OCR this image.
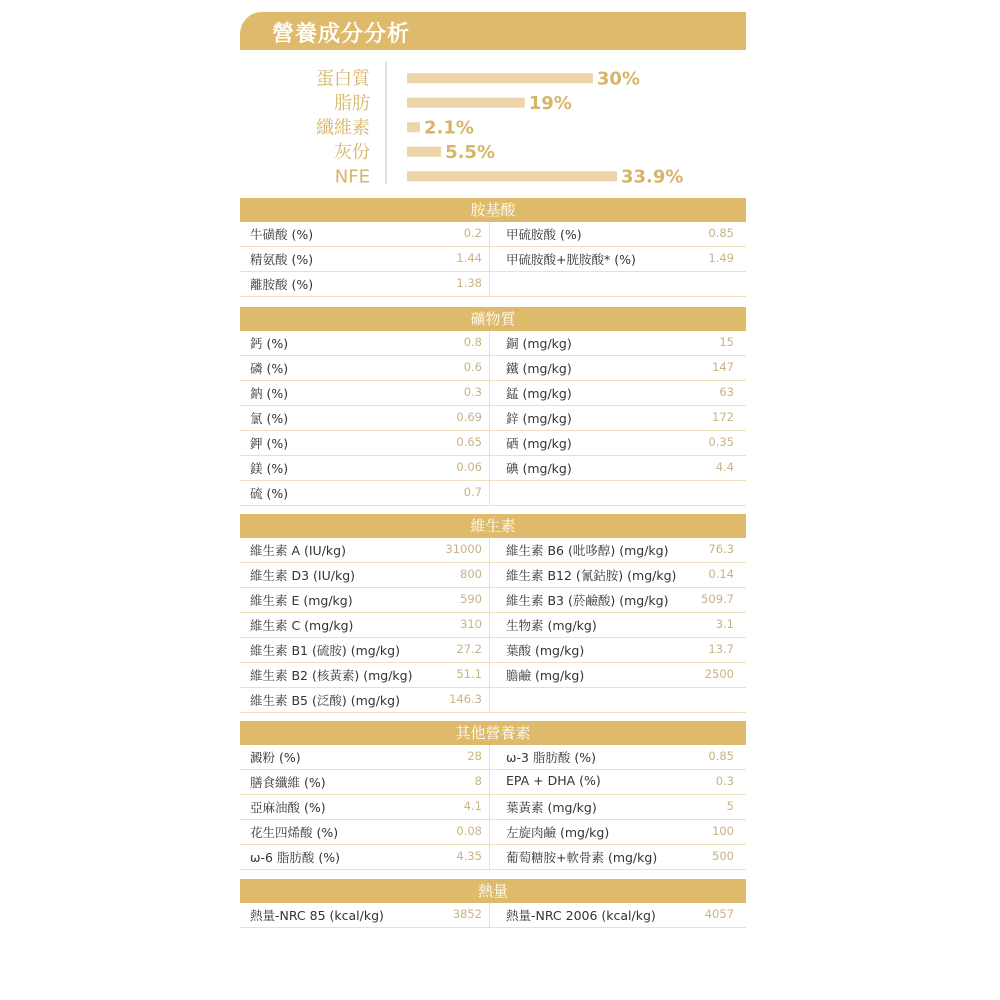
營養成分分析
蛋白質	30%
脂肪	19%
纖維素	2.1%
灰份	5.5%
NFE	33.9%
胺基酸
牛磺酸 (%)	0.2 甲硫胺酸 (%)	0.85
精氨酸 (%)	1.44 甲硫胺酸+胱胺酸* (%)	1.49
離胺酸 (%)	1.38
礦物質
鈣 (%)	0.8 銅 (mg/kg)	15
磷 (%)	0.6 鐵 (mg/kg)	147
鈉 (%)	0.3 錳 (mg/kg)	63
氯 (%)	0.69 鋅 (mg/kg)	172
鉀 (%)	0.65 硒 (mg/kg)	0.35
鎂 (%)	0.06 碘 (mg/kg)	4.4
硫 (%)	0.7
維生素
維生素 A (IU/kg)	31000 維生素 B6 (吡哆醇) (mg/kg)	76.3
維生素 D3 (IU/kg)	800 維生素 B12 (氰鈷胺) (mg/kg)	0.14
維生素 E (mg/kg)	590 維生素 B3 (菸鹼酸) (mg/kg)	509.7
維生素 C (mg/kg)	310 生物素 (mg/kg)	3.1
維生素 B1 (硫胺) (mg/kg)	27.2 葉酸 (mg/kg)	13.7
維生素 B2 (核黃素) (mg/kg)	51.1 膽鹼 (mg/kg)	2500
維生素 B5 (泛酸) (mg/kg)	146.3
其他營養素
澱粉 (%)	28 ω-3 脂肪酸 (%)	0.85
膳食纖維 (%)	8 EPA + DHA (%)	0.3
亞麻油酸 (%)	4.1 葉黃素 (mg/kg)	5
花生四烯酸 (%)	0.08 左旋肉鹼 (mg/kg)	100
ω-6 脂肪酸 (%)	4.35 葡萄糖胺+軟骨素 (mg/kg)	500
熱量
熱量-NRC 85 (kcal/kg)	3852 熱量-NRC 2006 (kcal/kg)	4057
